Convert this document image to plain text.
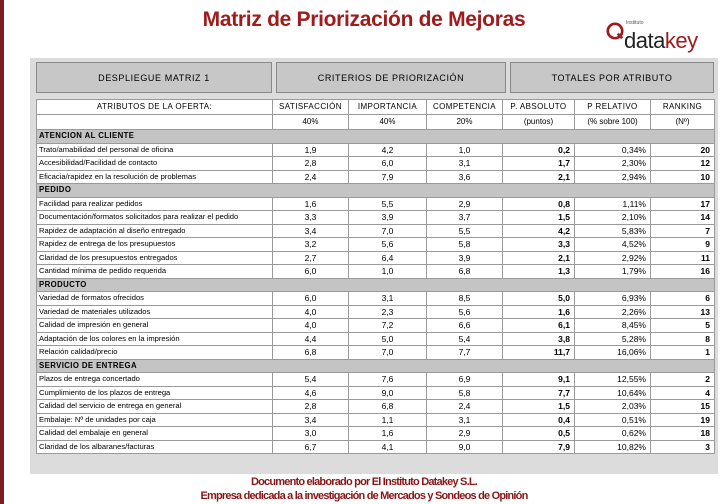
Matriz de Priorización de Mejoras	Instituto
datakey
DESPLIEGUE MATRIZ 1	CRITERIOS DE PRIORIZACIÓN	TOTALES POR ATRIBUTO
ATRIBUTOS DE LA OFERTA:	SATISFACCIÓN	IMPORTANCIA	COMPETENCIA	P. ABSOLUTO	P RELATIVO	RANKING
	40%	40%	20%	(puntos)	(% sobre 100)	(Nº)
ATENCION AL CLIENTE						
Trato/amabilidad del personal de oficina	1,9	4,2	1,0	0,2	0,34%	20
Accesibilidad/Facilidad de contacto	2,8	6,0	3,1	1,7	2,30%	12
Eficacia/rapidez en la resolución de problemas	2,4	7,9	3,6	2,1	2,94%	10
PEDIDO						
Facilidad para realizar pedidos	1,6	5,5	2,9	0,8	1,11%	17
Documentación/formatos solicitados para realizar el pedido	3,3	3,9	3,7	1,5	2,10%	14
Rapidez de adaptación al diseño entregado	3,4	7,0	5,5	4,2	5,83%	7
Rapidez de entrega de los presupuestos	3,2	5,6	5,8	3,3	4,52%	9
Claridad de los presupuestos entregados	2,7	6,4	3,9	2,1	2,92%	11
Cantidad mínima de pedido requerida	6,0	1,0	6,8	1,3	1,79%	16
PRODUCTO						
Variedad de formatos ofrecidos	6,0	3,1	8,5	5,0	6,93%	6
Variedad de materiales utilizados	4,0	2,3	5,6	1,6	2,26%	13
Calidad de impresión en general	4,0	7,2	6,6	6,1	8,45%	5
Adaptación de los colores en la impresión	4,4	5,0	5,4	3,8	5,28%	8
Relación calidad/precio	6,8	7,0	7,7	11,7	16,06%	1
SERVICIO DE ENTREGA						
Plazos de entrega concertado	5,4	7,6	6,9	9,1	12,55%	2
Cumplimiento de los plazos de entrega	4,6	9,0	5,8	7,7	10,64%	4
Calidad del servicio de entrega en general	2,8	6,8	2,4	1,5	2,03%	15
Embalaje: Nº de unidades por caja	3,4	1,1	3,1	0,4	0,51%	19
Calidad del embalaje en general	3,0	1,6	2,9	0,5	0,62%	18
Claridad de los albaranes/facturas	6,7	4,1	9,0	7,9	10,82%	3
Documento elaborado por El Instituto Datakey S.L.
Empresa dedicada a la investigación de Mercados y Sondeos de Opinión
